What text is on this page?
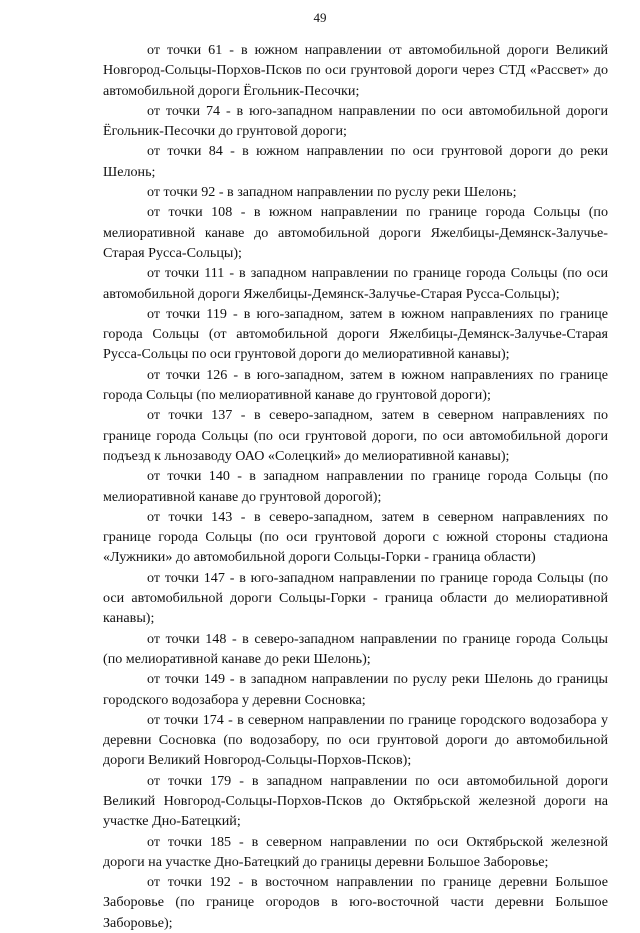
49

от точки 61 - в южном направлении от автомобильной дороги Великий Новгород-Сольцы-Порхов-Псков по оси грунтовой дороги через СТД «Рассвет» до автомобильной дороги Ёгольник-Песочки;

от точки 74 - в юго-западном направлении по оси автомобильной дороги Ёгольник-Песочки до грунтовой дороги;

от точки 84 - в южном направлении по оси грунтовой дороги до реки Шелонь;

от точки 92 - в западном направлении по руслу реки Шелонь;

от точки 108 - в южном направлении по границе города Сольцы (по мелиоративной канаве до автомобильной дороги Яжелбицы-Демянск-Залучье-Старая Русса-Сольцы);

от точки 111 - в западном направлении по границе города Сольцы (по оси автомобильной дороги Яжелбицы-Демянск-Залучье-Старая Русса-Сольцы);

от точки 119 - в юго-западном, затем в южном направлениях по границе города Сольцы (от автомобильной дороги Яжелбицы-Демянск-Залучье-Старая Русса-Сольцы по оси грунтовой дороги до мелиоративной канавы);

от точки 126 - в юго-западном, затем в южном направлениях по границе города Сольцы (по мелиоративной канаве до грунтовой дороги);

от точки 137 - в северо-западном, затем в северном направлениях по границе города Сольцы (по оси грунтовой дороги, по оси автомобильной дороги подъезд к льнозаводу ОАО «Солецкий» до мелиоративной канавы);

от точки 140 - в западном направлении по границе города Сольцы (по мелиоративной канаве до грунтовой дорогой);

от точки 143 - в северо-западном, затем в северном направлениях по границе города Сольцы (по оси грунтовой дороги с южной стороны стадиона «Лужники» до автомобильной дороги Сольцы-Горки - граница области)

от точки 147 - в юго-западном направлении по границе города Сольцы (по оси автомобильной дороги Сольцы-Горки - граница области до мелиоративной канавы);

от точки 148 - в северо-западном направлении по границе города Сольцы (по мелиоративной канаве до реки Шелонь);

от точки 149 - в западном направлении по руслу реки Шелонь до границы городского водозабора у деревни Сосновка;

от точки 174 - в северном направлении по границе городского водозабора у деревни Сосновка (по водозабору, по оси грунтовой дороги до автомобильной дороги Великий Новгород-Сольцы-Порхов-Псков);

от точки 179 - в западном направлении по оси автомобильной дороги Великий Новгород-Сольцы-Порхов-Псков до Октябрьской железной дороги на участке Дно-Батецкий;

от точки 185 - в северном направлении по оси Октябрьской железной дороги на участке Дно-Батецкий до границы деревни Большое Заборовье;

от точки 192 - в восточном направлении по границе деревни Большое Заборовье (по границе огородов в юго-восточной части деревни Большое Заборовье);
